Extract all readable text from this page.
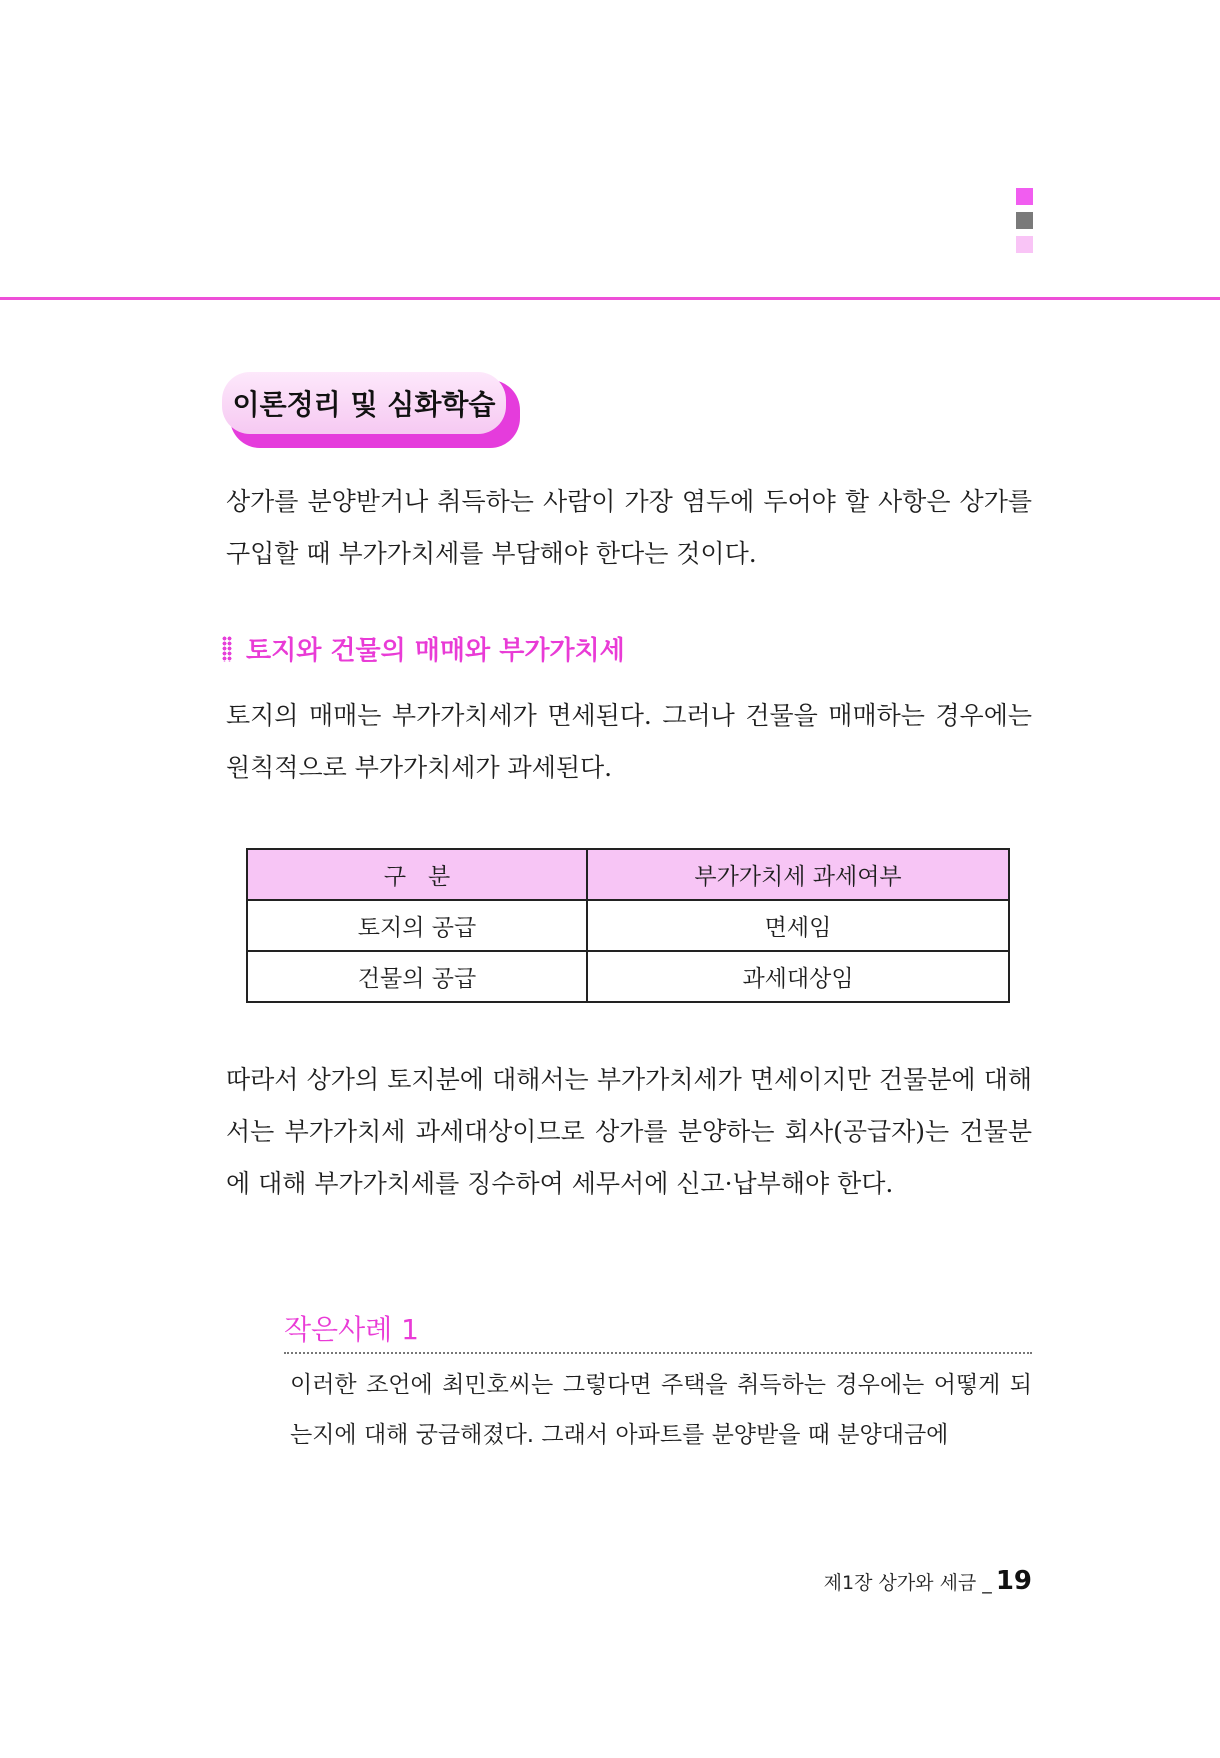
이론정리 및 심화학습
상가를 분양받거나 취득하는 사람이 가장 염두에 두어야 할 사항은 상가를 구입할 때 부가가치세를 부담해야 한다는 것이다.
토지와 건물의 매매와 부가가치세
토지의 매매는 부가가치세가 면세된다. 그러나 건물을 매매하는 경우에는 원칙적으로 부가가치세가 과세된다.
구   분	부가가치세 과세여부
토지의 공급	면세임
건물의 공급	과세대상임
따라서 상가의 토지분에 대해서는 부가가치세가 면세이지만 건물분에 대해서는 부가가치세 과세대상이므로 상가를 분양하는 회사(공급자)는 건물분에 대해 부가가치세를 징수하여 세무서에 신고·납부해야 한다.
작은사례 1
이러한 조언에 최민호씨는 그렇다면 주택을 취득하는 경우에는 어떻게 되는지에 대해 궁금해졌다. 그래서 아파트를 분양받을 때 분양대금에
제1장 상가와 세금 _ 19
